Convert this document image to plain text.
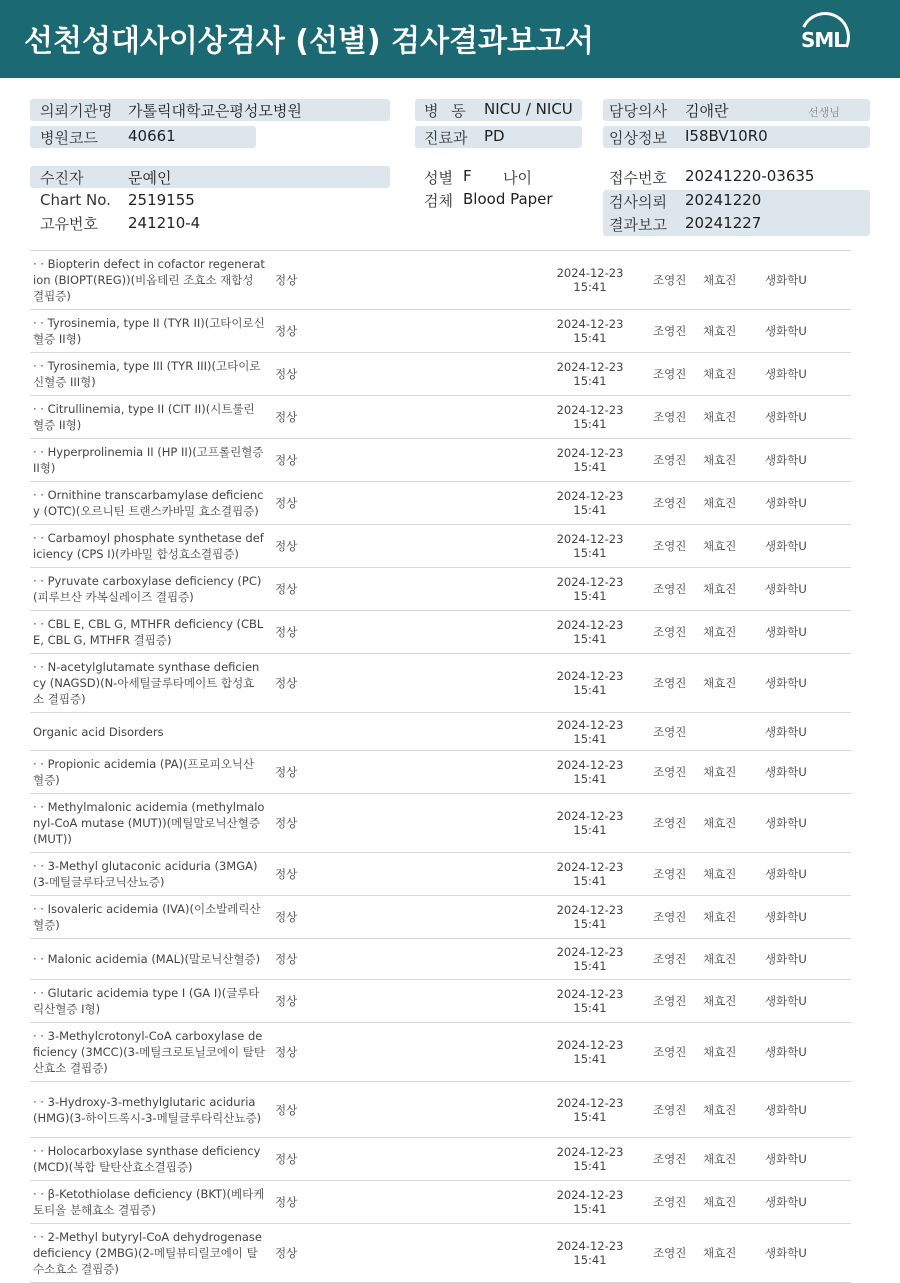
선천성대사이상검사 (선별) 검사결과보고서	SML
의뢰기관명 가톨릭대학교은평성모병원
병원코드 40661
병 동 NICU / NICU
진료과 PD
담당의사 김애란	선생님
임상정보 I58BV10R0
수진자	문예인
Chart No. 2519155
고유번호 241210-4
성별 F 나이
검체 Blood Paper
접수번호 20241220-03635
검사의뢰 20241220
결과보고 20241227
· · Biopterin defect in cofactor regeneration (BIOPT(REG))(비옵테린 조효소 재합성 결핍증)	정상	2024-12-23
15:41	조영진	채효진	생화학U
· · Tyrosinemia, type II (TYR II)(고타이로신혈증 II형)	정상	2024-12-23
15:41	조영진	채효진	생화학U
· · Tyrosinemia, type III (TYR III)(고타이로신혈증 III형)	정상	2024-12-23
15:41	조영진	채효진	생화학U
· · Citrullinemia, type II (CIT II)(시트룰린혈증 II형)	정상	2024-12-23
15:41	조영진	채효진	생화학U
· · Hyperprolinemia II (HP II)(고프롤린혈증 II형)	정상	2024-12-23
15:41	조영진	채효진	생화학U
· · Ornithine transcarbamylase deficiency (OTC)(오르니틴 트랜스카바밀 효소결핍증)	정상	2024-12-23
15:41	조영진	채효진	생화학U
· · Carbamoyl phosphate synthetase deficiency (CPS I)(카바밀 합성효소결핍증)	정상	2024-12-23
15:41	조영진	채효진	생화학U
· · Pyruvate carboxylase deficiency (PC)(피루브산 카복실레이즈 결핍증)	정상	2024-12-23
15:41	조영진	채효진	생화학U
· · CBL E, CBL G, MTHFR deficiency (CBL E, CBL G, MTHFR 결핍증)	정상	2024-12-23
15:41	조영진	채효진	생화학U
· · N-acetylglutamate synthase deficiency (NAGSD)(N-아세틸글루타메이트 합성효소 결핍증)	정상	2024-12-23
15:41	조영진	채효진	생화학U
Organic acid Disorders		2024-12-23
15:41	조영진		생화학U
· · Propionic acidemia (PA)(프로피오닉산혈증)	정상	2024-12-23
15:41	조영진	채효진	생화학U
· · Methylmalonic acidemia (methylmalonyl-CoA mutase (MUT))(메틸말로닉산혈증 (MUT))	정상	2024-12-23
15:41	조영진	채효진	생화학U
· · 3-Methyl glutaconic aciduria (3MGA)(3-메틸글루타코닉산뇨증)	정상	2024-12-23
15:41	조영진	채효진	생화학U
· · Isovaleric acidemia (IVA)(이소발레릭산혈증)	정상	2024-12-23
15:41	조영진	채효진	생화학U
· · Malonic acidemia (MAL)(말로닉산혈증)	정상	2024-12-23
15:41	조영진	채효진	생화학U
· · Glutaric acidemia type I (GA I)(글루타릭산혈증 I형)	정상	2024-12-23
15:41	조영진	채효진	생화학U
· · 3-Methylcrotonyl-CoA carboxylase deficiency (3MCC)(3-메틸크로토닐코에이 탈탄산효소 결핍증)	정상	2024-12-23
15:41	조영진	채효진	생화학U
· · 3-Hydroxy-3-methylglutaric aciduria (HMG)(3-하이드록시-3-메틸글루타릭산뇨증)	정상	2024-12-23
15:41	조영진	채효진	생화학U
· · Holocarboxylase synthase deficiency (MCD)(복합 탈탄산효소결핍증)	정상	2024-12-23
15:41	조영진	채효진	생화학U
· · β-Ketothiolase deficiency (BKT)(베타케토티올 분해효소 결핍증)	정상	2024-12-23
15:41	조영진	채효진	생화학U
· · 2-Methyl butyryl-CoA dehydrogenase deficiency (2MBG)(2-메틸뷰티릴코에이 탈수소효소 결핍증)	정상	2024-12-23
15:41	조영진	채효진	생화학U
